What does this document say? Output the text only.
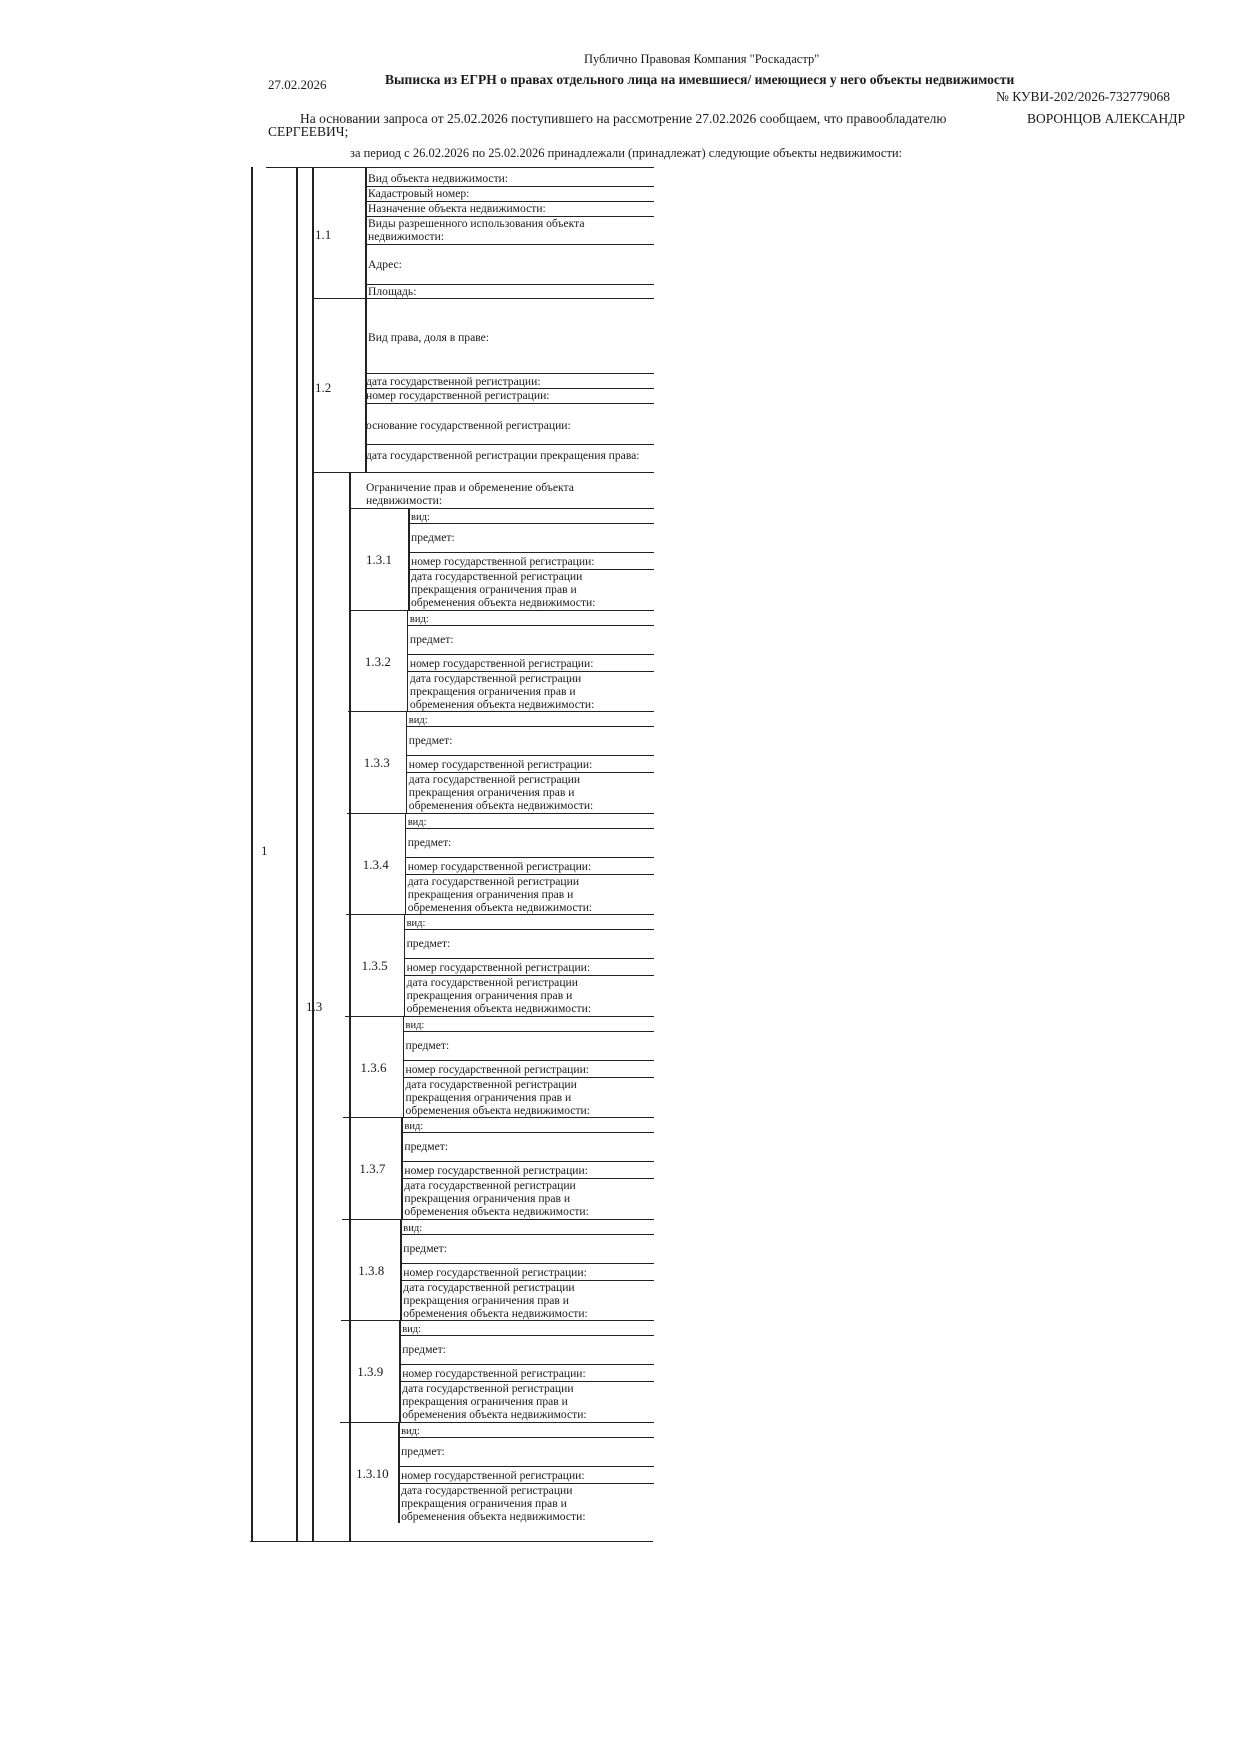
Публично Правовая Компания "Роскадастр"
Выписка из ЕГРН о правах отдельного лица на имевшиеся/ имеющиеся у него объекты недвижимости
27.02.2026
№ КУВИ-202/2026-732779068
На основании запроса от 25.02.2026 поступившего на рассмотрение 27.02.2026 сообщаем, что правообладателю	ВОРОНЦОВ АЛЕКСАНДР
СЕРГЕЕВИЧ;
за период с 26.02.2026 по 25.02.2026 принадлежали (принадлежат) следующие объекты недвижимости:
1
1.1
Вид объекта недвижимости:
Кадастровый номер:
Назначение объекта недвижимости:
Виды разрешенного использования объекта недвижимости:
Адрес:
Площадь:
1.2
Вид права, доля в праве:
дата государственной регистрации:
номер государственной регистрации:
основание государственной регистрации:
дата государственной регистрации прекращения права:
1.3
Ограничение прав и обременение объекта недвижимости:
1.3.1
вид:
предмет:
номер государственной регистрации:
дата государственной регистрации прекращения ограничения прав и обременения объекта недвижимости:
1.3.2
вид:
предмет:
номер государственной регистрации:
дата государственной регистрации прекращения ограничения прав и обременения объекта недвижимости:
1.3.3
вид:
предмет:
номер государственной регистрации:
дата государственной регистрации прекращения ограничения прав и обременения объекта недвижимости:
1.3.4
вид:
предмет:
номер государственной регистрации:
дата государственной регистрации прекращения ограничения прав и обременения объекта недвижимости:
1.3.5
вид:
предмет:
номер государственной регистрации:
дата государственной регистрации прекращения ограничения прав и обременения объекта недвижимости:
1.3.6
вид:
предмет:
номер государственной регистрации:
дата государственной регистрации прекращения ограничения прав и обременения объекта недвижимости:
1.3.7
вид:
предмет:
номер государственной регистрации:
дата государственной регистрации прекращения ограничения прав и обременения объекта недвижимости:
1.3.8
вид:
предмет:
номер государственной регистрации:
дата государственной регистрации прекращения ограничения прав и обременения объекта недвижимости:
1.3.9
вид:
предмет:
номер государственной регистрации:
дата государственной регистрации прекращения ограничения прав и обременения объекта недвижимости:
1.3.10
вид:
предмет:
номер государственной регистрации:
дата государственной регистрации прекращения ограничения прав и обременения объекта недвижимости:
